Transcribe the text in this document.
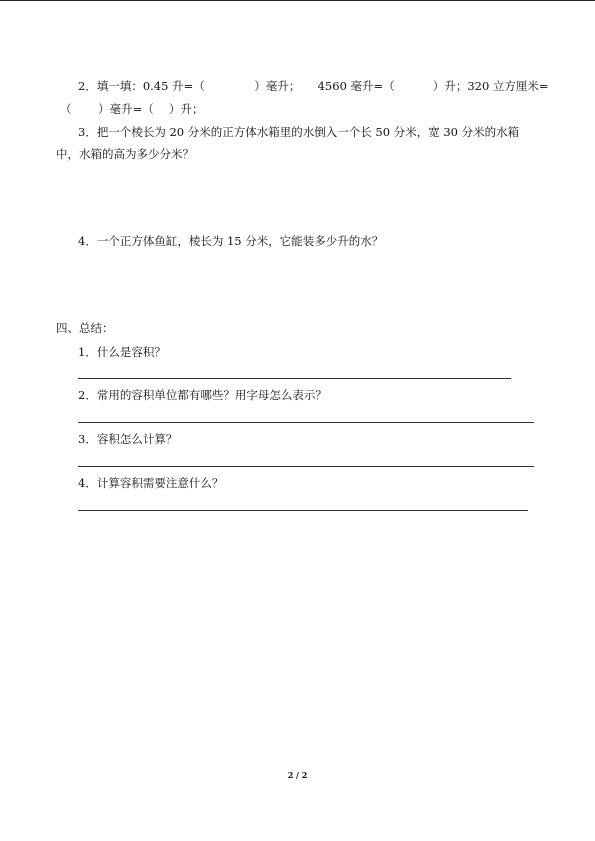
2．填一填：0.45 升=（ 　　　　）毫升；　　4560 毫升=（ 　　　）升；320 立方厘米=
（ 　　）毫升=（ 　）升；
3．把一个棱长为 20 分米的正方体水箱里的水倒入一个长 50 分米，宽 30 分米的水箱
中，水箱的高为多少分米？
4．一个正方体鱼缸，棱长为 15 分米，它能装多少升的水？
四、总结：
1．什么是容积？
2．常用的容积单位都有哪些？用字母怎么表示？
3．容积怎么计算？
4．计算容积需要注意什么？
2 / 2
